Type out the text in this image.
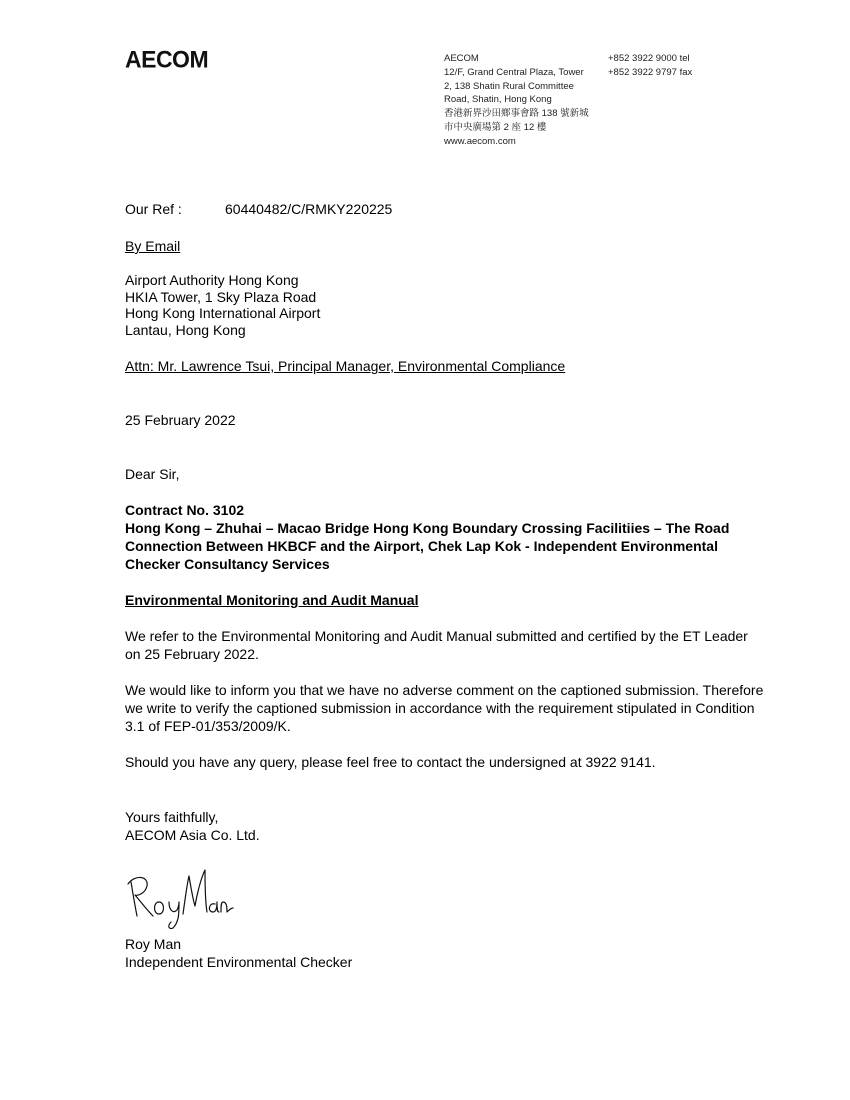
AECOM	AECOM
12/F, Grand Central Plaza, Tower
2, 138 Shatin Rural Committee
Road, Shatin, Hong Kong
香港新界沙田鄉事會路 138 號新城
市中央廣場第 2 座 12 樓
www.aecom.com
+852 3922 9000 tel
+852 3922 9797 fax
Our Ref :	60440482/C/RMKY220225
By Email
Airport Authority Hong Kong
HKIA Tower, 1 Sky Plaza Road
Hong Kong International Airport
Lantau, Hong Kong
Attn: Mr. Lawrence Tsui, Principal Manager, Environmental Compliance
25 February 2022
Dear Sir,
Contract No. 3102
Hong Kong – Zhuhai – Macao Bridge Hong Kong Boundary Crossing Facilitiies – The Road
Connection Between HKBCF and the Airport, Chek Lap Kok - Independent Environmental
Checker Consultancy Services
Environmental Monitoring and Audit Manual
We refer to the Environmental Monitoring and Audit Manual submitted and certified by the ET Leader
on 25 February 2022.
We would like to inform you that we have no adverse comment on the captioned submission. Therefore
we write to verify the captioned submission in accordance with the requirement stipulated in Condition
3.1 of FEP-01/353/2009/K.
Should you have any query, please feel free to contact the undersigned at 3922 9141.
Yours faithfully,
AECOM Asia Co. Ltd.
Roy Man
Independent Environmental Checker
